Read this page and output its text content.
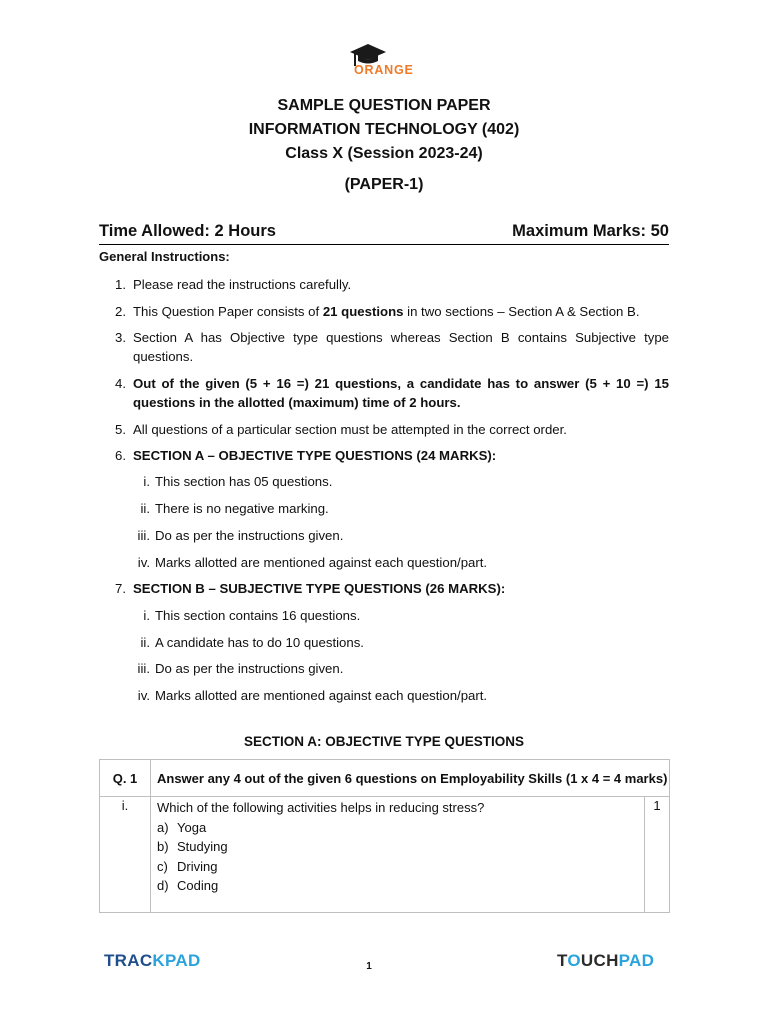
ORANGE
SAMPLE QUESTION PAPER
INFORMATION TECHNOLOGY (402)
Class X (Session 2023-24)
(PAPER-1)
Time Allowed: 2 Hours	Maximum Marks: 50
General Instructions:
1. Please read the instructions carefully.
2. This Question Paper consists of 21 questions in two sections – Section A & Section B.
3. Section A has Objective type questions whereas Section B contains Subjective type questions.
4. Out of the given (5 + 16 =) 21 questions, a candidate has to answer (5 + 10 =) 15 questions in the allotted (maximum) time of 2 hours.
5. All questions of a particular section must be attempted in the correct order.
6. SECTION A – OBJECTIVE TYPE QUESTIONS (24 MARKS):
i. This section has 05 questions.
ii. There is no negative marking.
iii. Do as per the instructions given.
iv. Marks allotted are mentioned against each question/part.
7. SECTION B – SUBJECTIVE TYPE QUESTIONS (26 MARKS):
i. This section contains 16 questions.
ii. A candidate has to do 10 questions.
iii. Do as per the instructions given.
iv. Marks allotted are mentioned against each question/part.
SECTION A: OBJECTIVE TYPE QUESTIONS
Q. 1	Answer any 4 out of the given 6 questions on Employability Skills (1 x 4 = 4 marks)	
i.	Which of the following activities helps in reducing stress?
a) Yoga
b) Studying
c) Driving
d) Coding	1
TRACKPAD	1	TOUCHPAD
